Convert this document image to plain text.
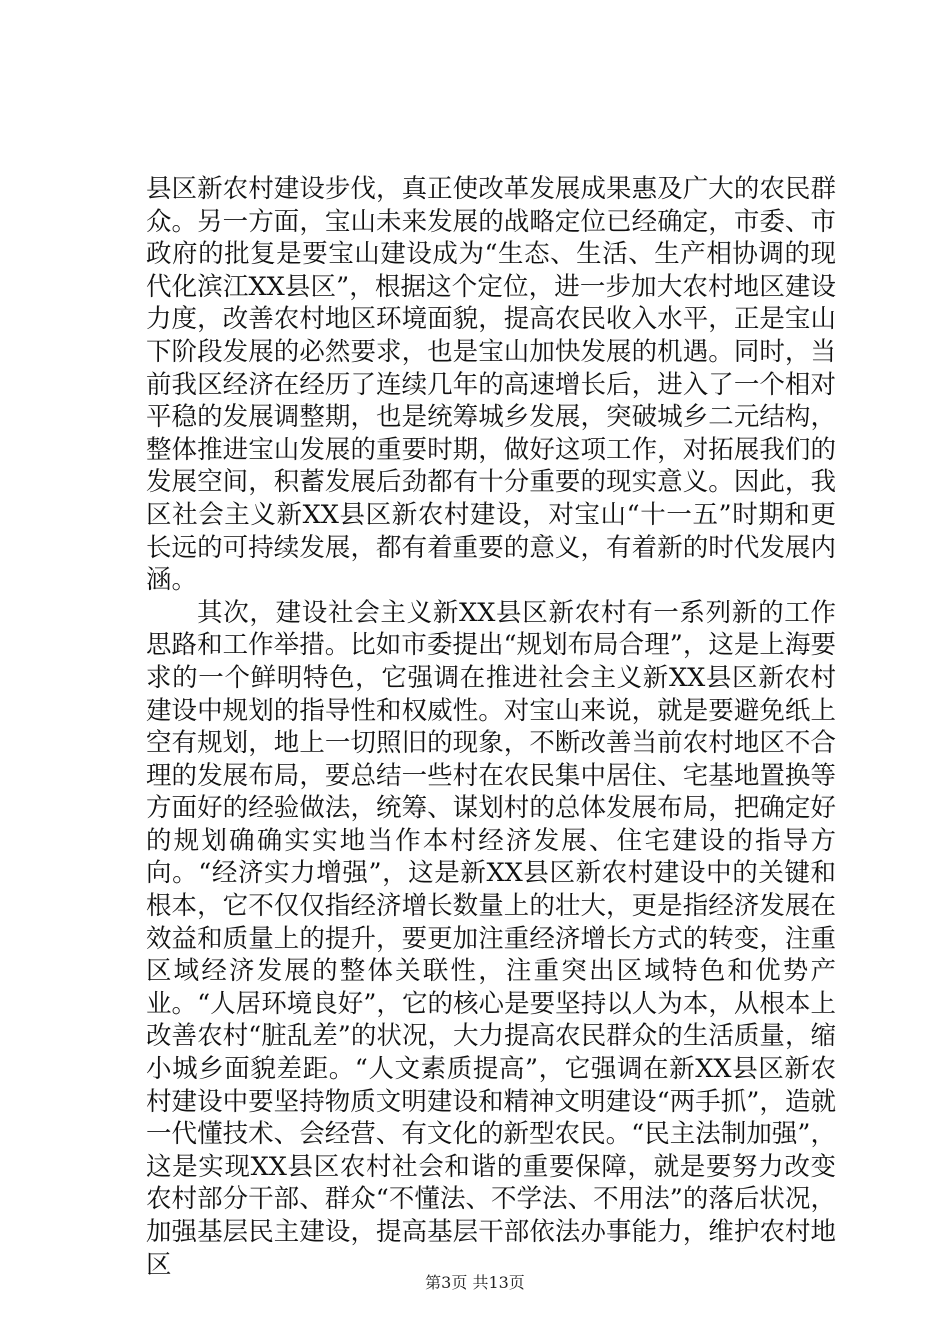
县区新农村建设步伐，真正使改革发展成果惠及广大的农民群众。另一方面，宝山未来发展的战略定位已经确定，市委、市政府的批复是要宝山建设成为“生态、生活、生产相协调的现代化滨江XX县区”，根据这个定位，进一步加大农村地区建设力度，改善农村地区环境面貌，提高农民收入水平，正是宝山下阶段发展的必然要求，也是宝山加快发展的机遇。同时，当前我区经济在经历了连续几年的高速增长后，进入了一个相对平稳的发展调整期，也是统筹城乡发展，突破城乡二元结构，整体推进宝山发展的重要时期，做好这项工作，对拓展我们的发展空间，积蓄发展后劲都有十分重要的现实意义。因此，我区社会主义新XX县区新农村建设，对宝山“十一五”时期和更长远的可持续发展，都有着重要的意义，有着新的时代发展内涵。

其次，建设社会主义新XX县区新农村有一系列新的工作思路和工作举措。比如市委提出“规划布局合理”，这是上海要求的一个鲜明特色，它强调在推进社会主义新XX县区新农村建设中规划的指导性和权威性。对宝山来说，就是要避免纸上空有规划，地上一切照旧的现象，不断改善当前农村地区不合理的发展布局，要总结一些村在农民集中居住、宅基地置换等方面好的经验做法，统筹、谋划村的总体发展布局，把确定好的规划确确实实地当作本村经济发展、住宅建设的指导方向。“经济实力增强”，这是新XX县区新农村建设中的关键和根本，它不仅仅指经济增长数量上的壮大，更是指经济发展在效益和质量上的提升，要更加注重经济增长方式的转变，注重区域经济发展的整体关联性，注重突出区域特色和优势产业。“人居环境良好”，它的核心是要坚持以人为本，从根本上改善农村“脏乱差”的状况，大力提高农民群众的生活质量，缩小城乡面貌差距。“人文素质提高”，它强调在新XX县区新农村建设中要坚持物质文明建设和精神文明建设“两手抓”，造就一代懂技术、会经营、有文化的新型农民。“民主法制加强”，这是实现XX县区农村社会和谐的重要保障，就是要努力改变农村部分干部、群众“不懂法、不学法、不用法”的落后状况，加强基层民主建设，提高基层干部依法办事能力，维护农村地区

第3页 共13页
